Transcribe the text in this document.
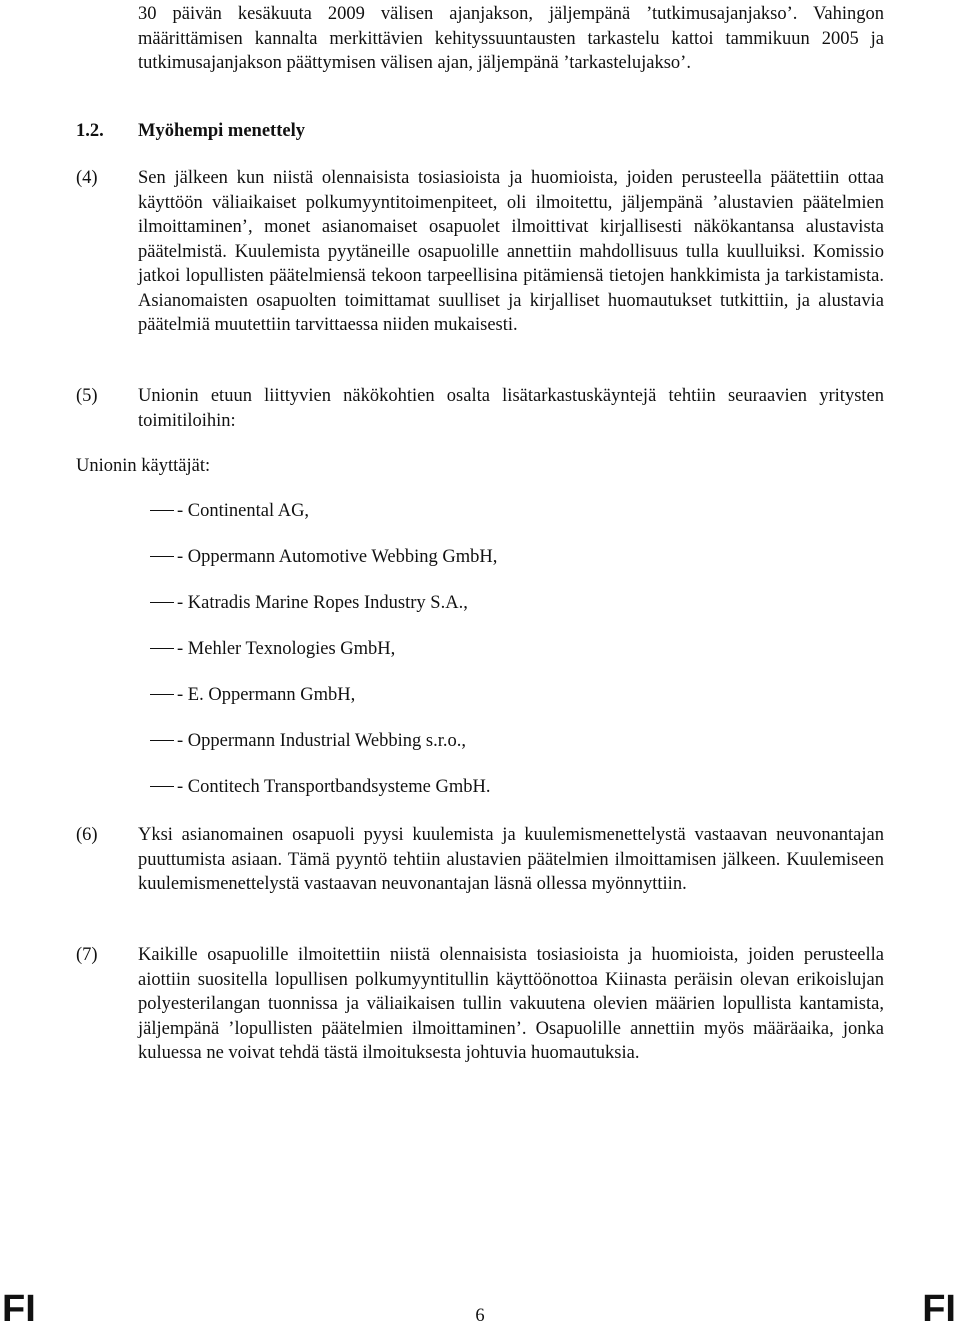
30 päivän kesäkuuta 2009 välisen ajanjakson, jäljempänä ’tutkimusajanjakso’. Vahingon määrittämisen kannalta merkittävien kehityssuuntausten tarkastelu kattoi tammikuun 2005 ja tutkimusajanjakson päättymisen välisen ajan, jäljempänä ’tarkastelujakso’.
1.2. Myöhempi menettely
(4) Sen jälkeen kun niistä olennaisista tosiasioista ja huomioista, joiden perusteella päätettiin ottaa käyttöön väliaikaiset polkumyyntitoimenpiteet, oli ilmoitettu, jäljempänä ’alustavien päätelmien ilmoittaminen’, monet asianomaiset osapuolet ilmoittivat kirjallisesti näkökantansa alustavista päätelmistä. Kuulemista pyytäneille osapuolille annettiin mahdollisuus tulla kuulluiksi. Komissio jatkoi lopullisten päätelmiensä tekoon tarpeellisina pitämiensä tietojen hankkimista ja tarkistamista. Asianomaisten osapuolten toimittamat suulliset ja kirjalliset huomautukset tutkittiin, ja alustavia päätelmiä muutettiin tarvittaessa niiden mukaisesti.
(5) Unionin etuun liittyvien näkökohtien osalta lisätarkastuskäyntejä tehtiin seuraavien yritysten toimitiloihin:
Unionin käyttäjät:
- Continental AG,
- Oppermann Automotive Webbing GmbH,
- Katradis Marine Ropes Industry S.A.,
- Mehler Texnologies GmbH,
- E. Oppermann GmbH,
- Oppermann Industrial Webbing s.r.o.,
- Contitech Transportbandsysteme GmbH.
(6) Yksi asianomainen osapuoli pyysi kuulemista ja kuulemismenettelystä vastaavan neuvonantajan puuttumista asiaan. Tämä pyyntö tehtiin alustavien päätelmien ilmoittamisen jälkeen. Kuulemiseen kuulemismenettelystä vastaavan neuvonantajan läsnä ollessa myönnyttiin.
(7) Kaikille osapuolille ilmoitettiin niistä olennaisista tosiasioista ja huomioista, joiden perusteella aiottiin suositella lopullisen polkumyyntitullin käyttöönottoa Kiinasta peräisin olevan erikoislujan polyesterilangan tuonnissa ja väliaikaisen tullin vakuutena olevien määrien lopullista kantamista, jäljempänä ’lopullisten päätelmien ilmoittaminen’. Osapuolille annettiin myös määräaika, jonka kuluessa ne voivat tehdä tästä ilmoituksesta johtuvia huomautuksia.
FI	6	FI
